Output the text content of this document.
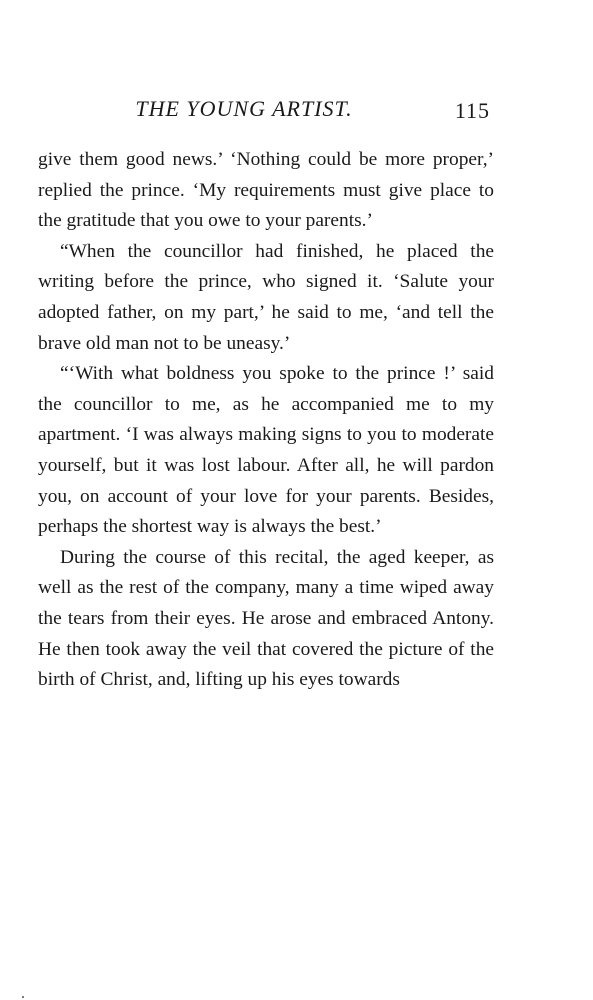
THE YOUNG ARTIST.	115

give them good news.’ ‘Nothing could be more proper,’ replied the prince. ‘My requirements must give place to the gratitude that you owe to your parents.’

“When the councillor had finished, he placed the writing before the prince, who signed it. ‘Salute your adopted father, on my part,’ he said to me, ‘and tell the brave old man not to be uneasy.’

“‘With what boldness you spoke to the prince !’ said the councillor to me, as he accompanied me to my apartment. ‘I was always making signs to you to moderate yourself, but it was lost labour. After all, he will pardon you, on account of your love for your parents. Besides, perhaps the shortest way is always the best.’

During the course of this recital, the aged keeper, as well as the rest of the company, many a time wiped away the tears from their eyes. He arose and embraced Antony. He then took away the veil that covered the picture of the birth of Christ, and, lifting up his eyes towards
